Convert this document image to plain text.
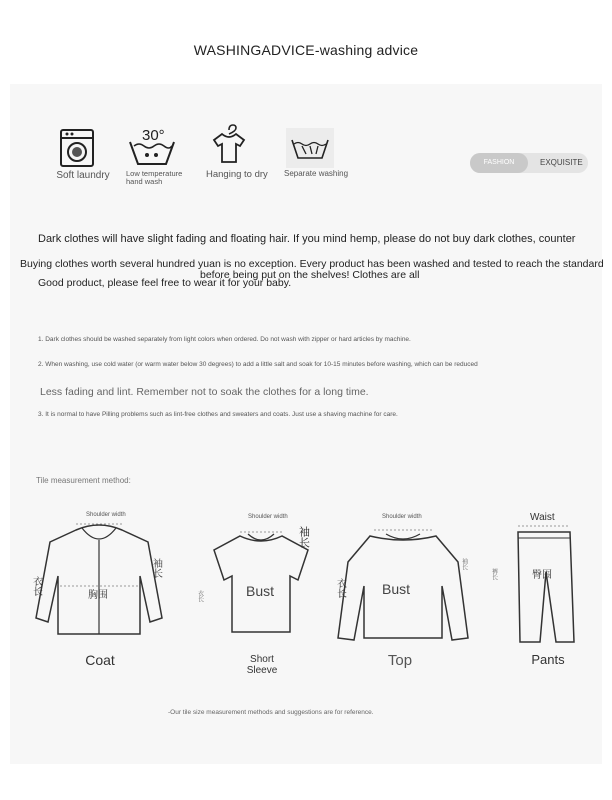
WASHINGADVICE-washing advice
Soft laundry
30°
Low temperature hand wash
Hanging to dry	Separate washing
FASHION	EXQUISITE
Dark clothes will have slight fading and floating hair. If you mind hemp, please do not buy dark clothes, counter
Buying clothes worth several hundred yuan is no exception. Every product has been washed and tested to reach the standard
before being put on the shelves! Clothes are all
Good product, please feel free to wear it for your baby.
1. Dark clothes should be washed separately from light colors when ordered. Do not wash with zipper or hard articles by machine.
2. When washing, use cold water (or warm water below 30 degrees) to add a little salt and soak for 10-15 minutes before washing, which can be reduced
Less fading and lint. Remember not to soak the clothes for a long time.
3. It is normal to have Pilling problems such as lint-free clothes and sweaters and coats. Just use a shaving machine for care.
Tile measurement method:
Shoulder width
胸围
衣长
袖长
Coat
Shoulder width
Bust
袖长
衣长
Short Sleeve
Shoulder width
Bust
衣长
袖长
Top
Waist
臀围
裤长
Pants
-Our tile size measurement methods and suggestions are for reference.
